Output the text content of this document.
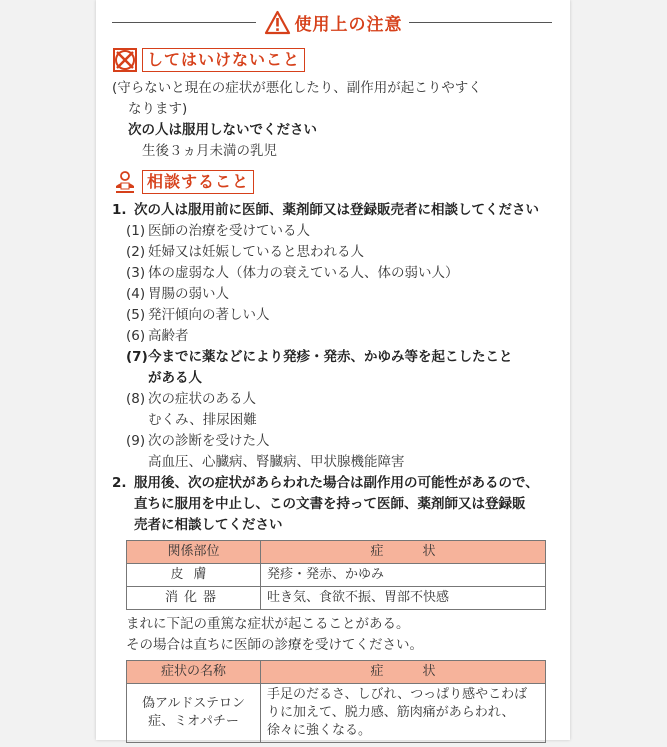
使用上の注意
してはいけないこと
(守らないと現在の症状が悪化したり、副作用が起こりやすく
なります)
次の人は服用しないでください
生後３ヵ月未満の乳児
相談すること
1. 次の人は服用前に医師、薬剤師又は登録販売者に相談してください
(1) 医師の治療を受けている人
(2) 妊婦又は妊娠していると思われる人
(3) 体の虚弱な人（体力の衰えている人、体の弱い人）
(4) 胃腸の弱い人
(5) 発汗傾向の著しい人
(6) 高齢者
(7) 今までに薬などにより発疹・発赤、かゆみ等を起こしたこと
がある人
(8) 次の症状のある人
むくみ、排尿困難
(9) 次の診断を受けた人
高血圧、心臓病、腎臓病、甲状腺機能障害
2. 服用後、次の症状があらわれた場合は副作用の可能性があるので、
直ちに服用を中止し、この文書を持って医師、薬剤師又は登録販
売者に相談してください
関係部位	症　　　状
皮膚	発疹・発赤、かゆみ
消化器	吐き気、食欲不振、胃部不快感
まれに下記の重篤な症状が起こることがある。
その場合は直ちに医師の診療を受けてください。
症状の名称	症　　　状
偽アルドステロン症、ミオパチー	手足のだるさ、しびれ、つっぱり感やこわばりに加えて、脱力感、筋肉痛があらわれ、徐々に強くなる。
